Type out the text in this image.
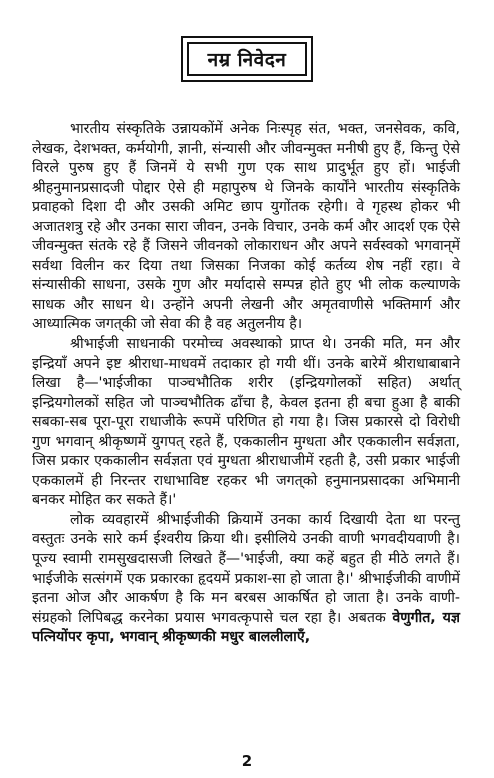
नम्र निवेदन

भारतीय संस्कृतिके उन्नायकोंमें अनेक निःस्पृह संत, भक्त, जनसेवक, कवि, लेखक, देशभक्त, कर्मयोगी, ज्ञानी, संन्यासी और जीवन्मुक्त मनीषी हुए हैं, किन्तु ऐसे विरले पुरुष हुए हैं जिनमें ये सभी गुण एक साथ प्रादुर्भूत हुए हों। भाईजी श्रीहनुमानप्रसादजी पोद्दार ऐसे ही महापुरुष थे जिनके कार्योंने भारतीय संस्कृतिके प्रवाहको दिशा दी और उसकी अमिट छाप युगोंतक रहेगी। वे गृहस्थ होकर भी अजातशत्रु रहे और उनका सारा जीवन, उनके विचार, उनके कर्म और आदर्श एक ऐसे जीवन्मुक्त संतके रहे हैं जिसने जीवनको लोकाराधन और अपने सर्वस्वको भगवान्‌में सर्वथा विलीन कर दिया तथा जिसका निजका कोई कर्तव्य शेष नहीं रहा। वे संन्यासीकी साधना, उसके गुण और मर्यादासे सम्पन्न होते हुए भी लोक कल्याणके साधक और साधन थे। उन्होंने अपनी लेखनी और अमृतवाणीसे भक्तिमार्ग और आध्यात्मिक जगत्‌की जो सेवा की है वह अतुलनीय है।

श्रीभाईजी साधनाकी परमोच्च अवस्थाको प्राप्त थे। उनकी मति, मन और इन्द्रियाँ अपने इष्ट श्रीराधा-माधवमें तदाकार हो गयी थीं। उनके बारेमें श्रीराधाबाबाने लिखा है—'भाईजीका पाञ्चभौतिक शरीर (इन्द्रियगोलकों सहित) अर्थात् इन्द्रियगोलकों सहित जो पाञ्चभौतिक ढाँचा है, केवल इतना ही बचा हुआ है बाकी सबका-सब पूरा-पूरा राधाजीके रूपमें परिणित हो गया है। जिस प्रकारसे दो विरोधी गुण भगवान् श्रीकृष्णमें युगपत् रहते हैं, एककालीन मुग्धता और एककालीन सर्वज्ञता, जिस प्रकार एककालीन सर्वज्ञता एवं मुग्धता श्रीराधाजीमें रहती है, उसी प्रकार भाईजी एककालमें ही निरन्तर राधाभाविष्ट रहकर भी जगत्‌को हनुमानप्रसादका अभिमानी बनकर मोहित कर सकते हैं।'

लोक व्यवहारमें श्रीभाईजीकी क्रियामें उनका कार्य दिखायी देता था परन्तु वस्तुतः उनके सारे कर्म ईश्वरीय क्रिया थी। इसीलिये उनकी वाणी भगवदीयवाणी है। पूज्य स्वामी रामसुखदासजी लिखते हैं—'भाईजी, क्या कहें बहुत ही मीठे लगते हैं। भाईजीके सत्संगमें एक प्रकारका हृदयमें प्रकाश-सा हो जाता है।' श्रीभाईजीकी वाणीमें इतना ओज और आकर्षण है कि मन बरबस आकर्षित हो जाता है। उनके वाणी-संग्रहको लिपिबद्ध करनेका प्रयास भगवत्कृपासे चल रहा है। अबतक वेणुगीत, यज्ञ पत्नियोंपर कृपा, भगवान् श्रीकृष्णकी मधुर बाललीलाएँ,

2
